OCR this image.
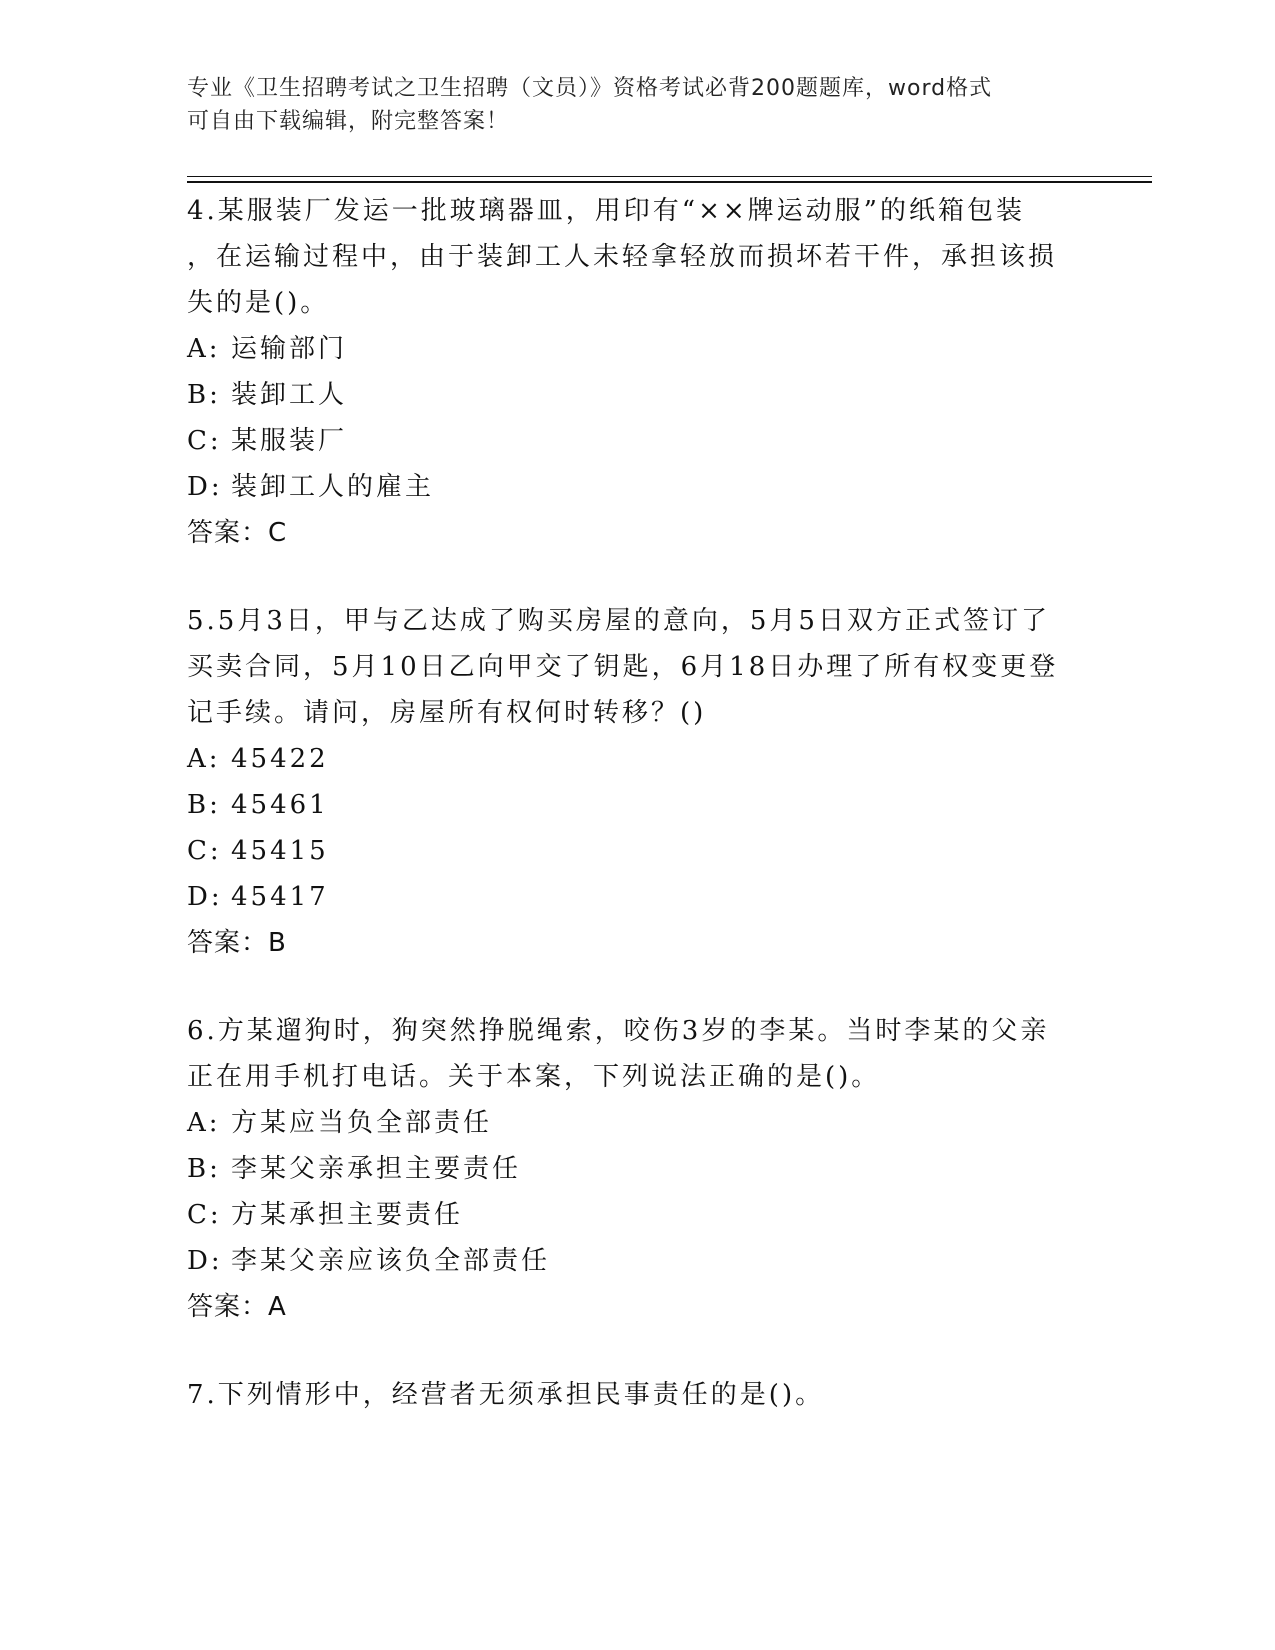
专业《卫生招聘考试之卫生招聘（文员）》资格考试必背200题题库，word格式
可自由下载编辑，附完整答案！

4.某服装厂发运一批玻璃器皿，用印有“××牌运动服”的纸箱包装

，在运输过程中，由于装卸工人未轻拿轻放而损坏若干件，承担该损

失的是()。

A: 运输部门

B: 装卸工人

C: 某服装厂

D: 装卸工人的雇主

答案：C

5.5月3日，甲与乙达成了购买房屋的意向，5月5日双方正式签订了

买卖合同，5月10日乙向甲交了钥匙，6月18日办理了所有权变更登

记手续。请问，房屋所有权何时转移？()

A: 45422

B: 45461

C: 45415

D: 45417

答案：B

6.方某遛狗时，狗突然挣脱绳索，咬伤3岁的李某。当时李某的父亲

正在用手机打电话。关于本案，下列说法正确的是()。

A: 方某应当负全部责任

B: 李某父亲承担主要责任

C: 方某承担主要责任

D: 李某父亲应该负全部责任

答案：A

7.下列情形中，经营者无须承担民事责任的是()。
